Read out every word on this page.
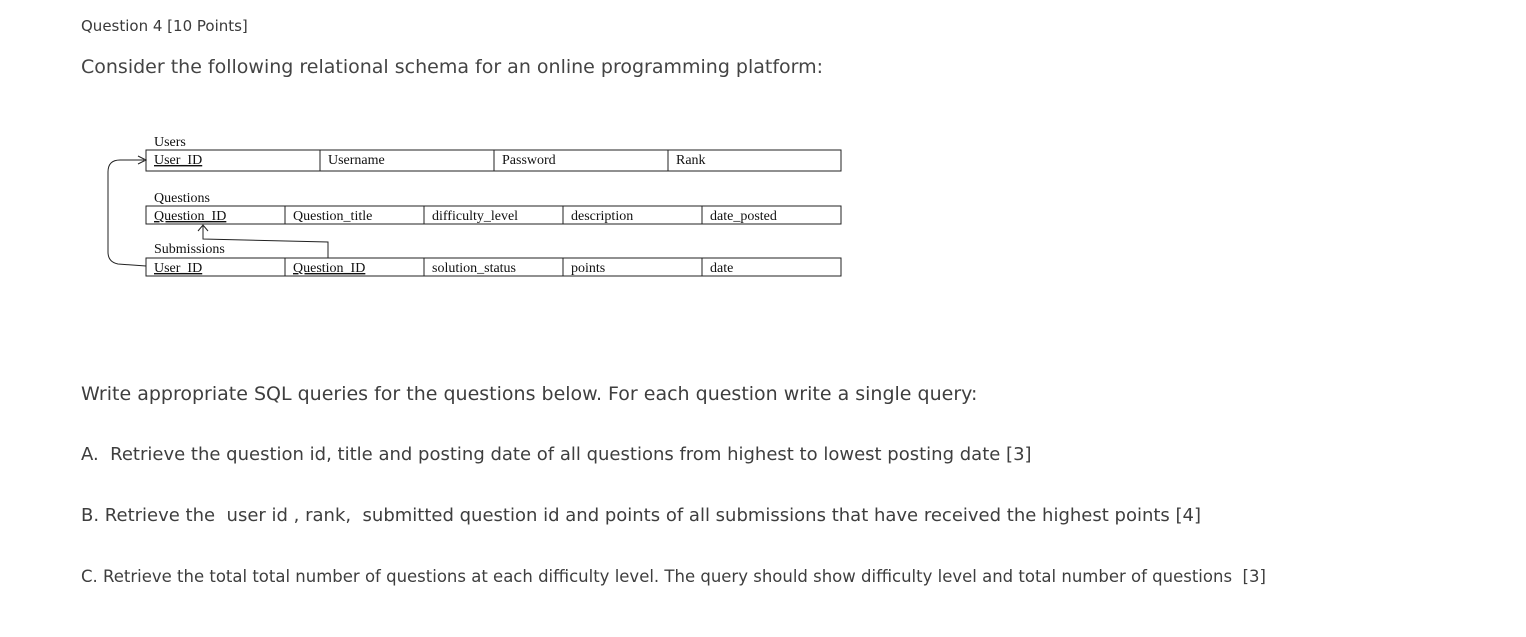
Question 4 [10 Points]
Consider the following relational schema for an online programming platform:
Users
User_ID	Username	Password	Rank
Questions
Question_ID	Question_title	difficulty_level	description	date_posted
Submissions
User_ID	Question_ID	solution_status	points	date
Write appropriate SQL queries for the questions below. For each question write a single query:
A.  Retrieve the question id, title and posting date of all questions from highest to lowest posting date [3]
B. Retrieve the  user id , rank,  submitted question id and points of all submissions that have received the highest points [4]
C. Retrieve the total total number of questions at each difficulty level. The query should show difficulty level and total number of questions  [3]
